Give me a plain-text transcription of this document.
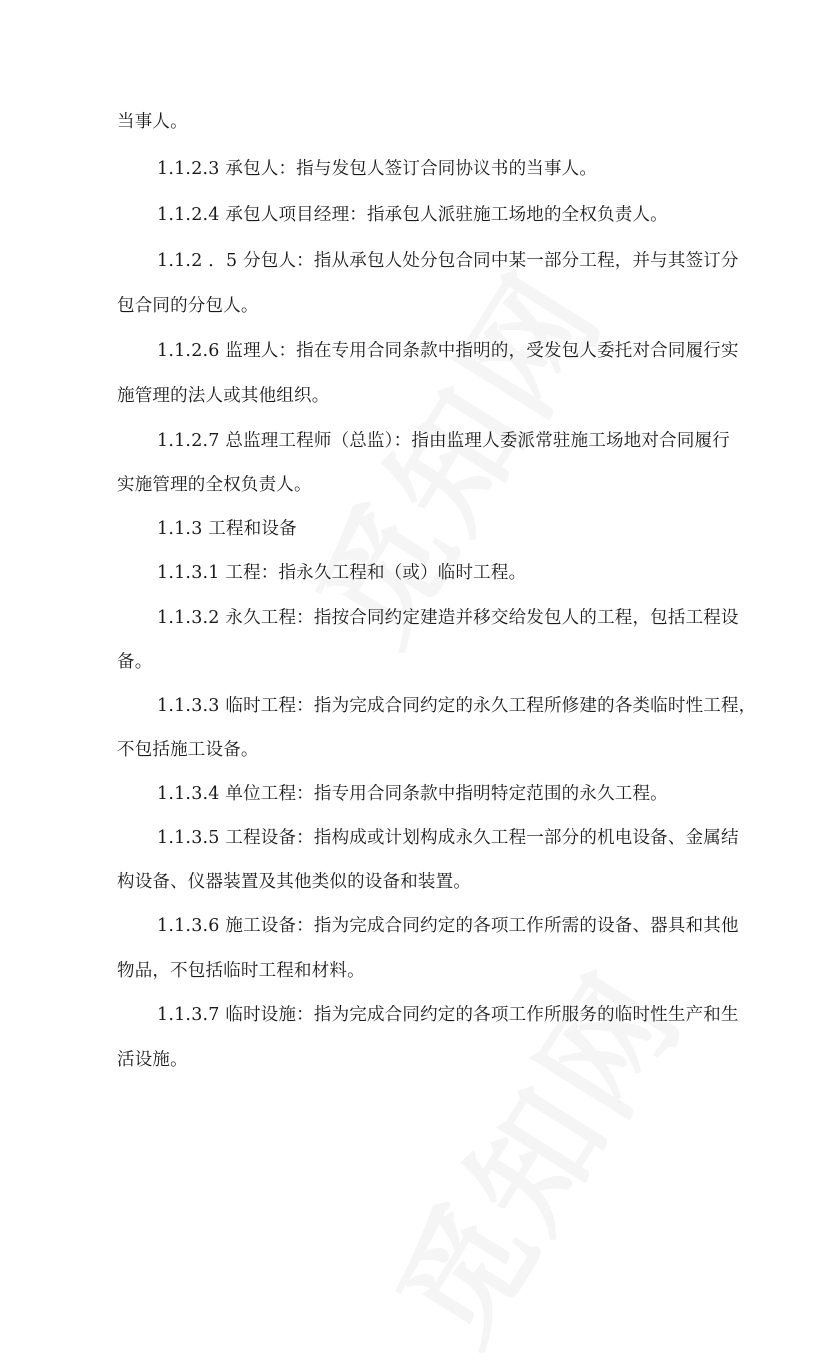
当事人。
1.1.2.3 承包人：指与发包人签订合同协议书的当事人。
1.1.2.4 承包人项目经理：指承包人派驻施工场地的全权负责人。
1.1.2 ．5 分包人：指从承包人处分包合同中某一部分工程，并与其签订分
包合同的分包人。
1.1.2.6 监理人：指在专用合同条款中指明的，受发包人委托对合同履行实
施管理的法人或其他组织。
1.1.2.7 总监理工程师（总监）：指由监理人委派常驻施工场地对合同履行
实施管理的全权负责人。
1.1.3 工程和设备
1.1.3.1 工程：指永久工程和（或）临时工程。
1.1.3.2 永久工程：指按合同约定建造并移交给发包人的工程，包括工程设
备。
1.1.3.3 临时工程：指为完成合同约定的永久工程所修建的各类临时性工程，
不包括施工设备。
1.1.3.4 单位工程：指专用合同条款中指明特定范围的永久工程。
1.1.3.5 工程设备：指构成或计划构成永久工程一部分的机电设备、金属结
构设备、仪器装置及其他类似的设备和装置。
1.1.3.6 施工设备：指为完成合同约定的各项工作所需的设备、器具和其他
物品，不包括临时工程和材料。
1.1.3.7 临时设施：指为完成合同约定的各项工作所服务的临时性生产和生
活设施。
